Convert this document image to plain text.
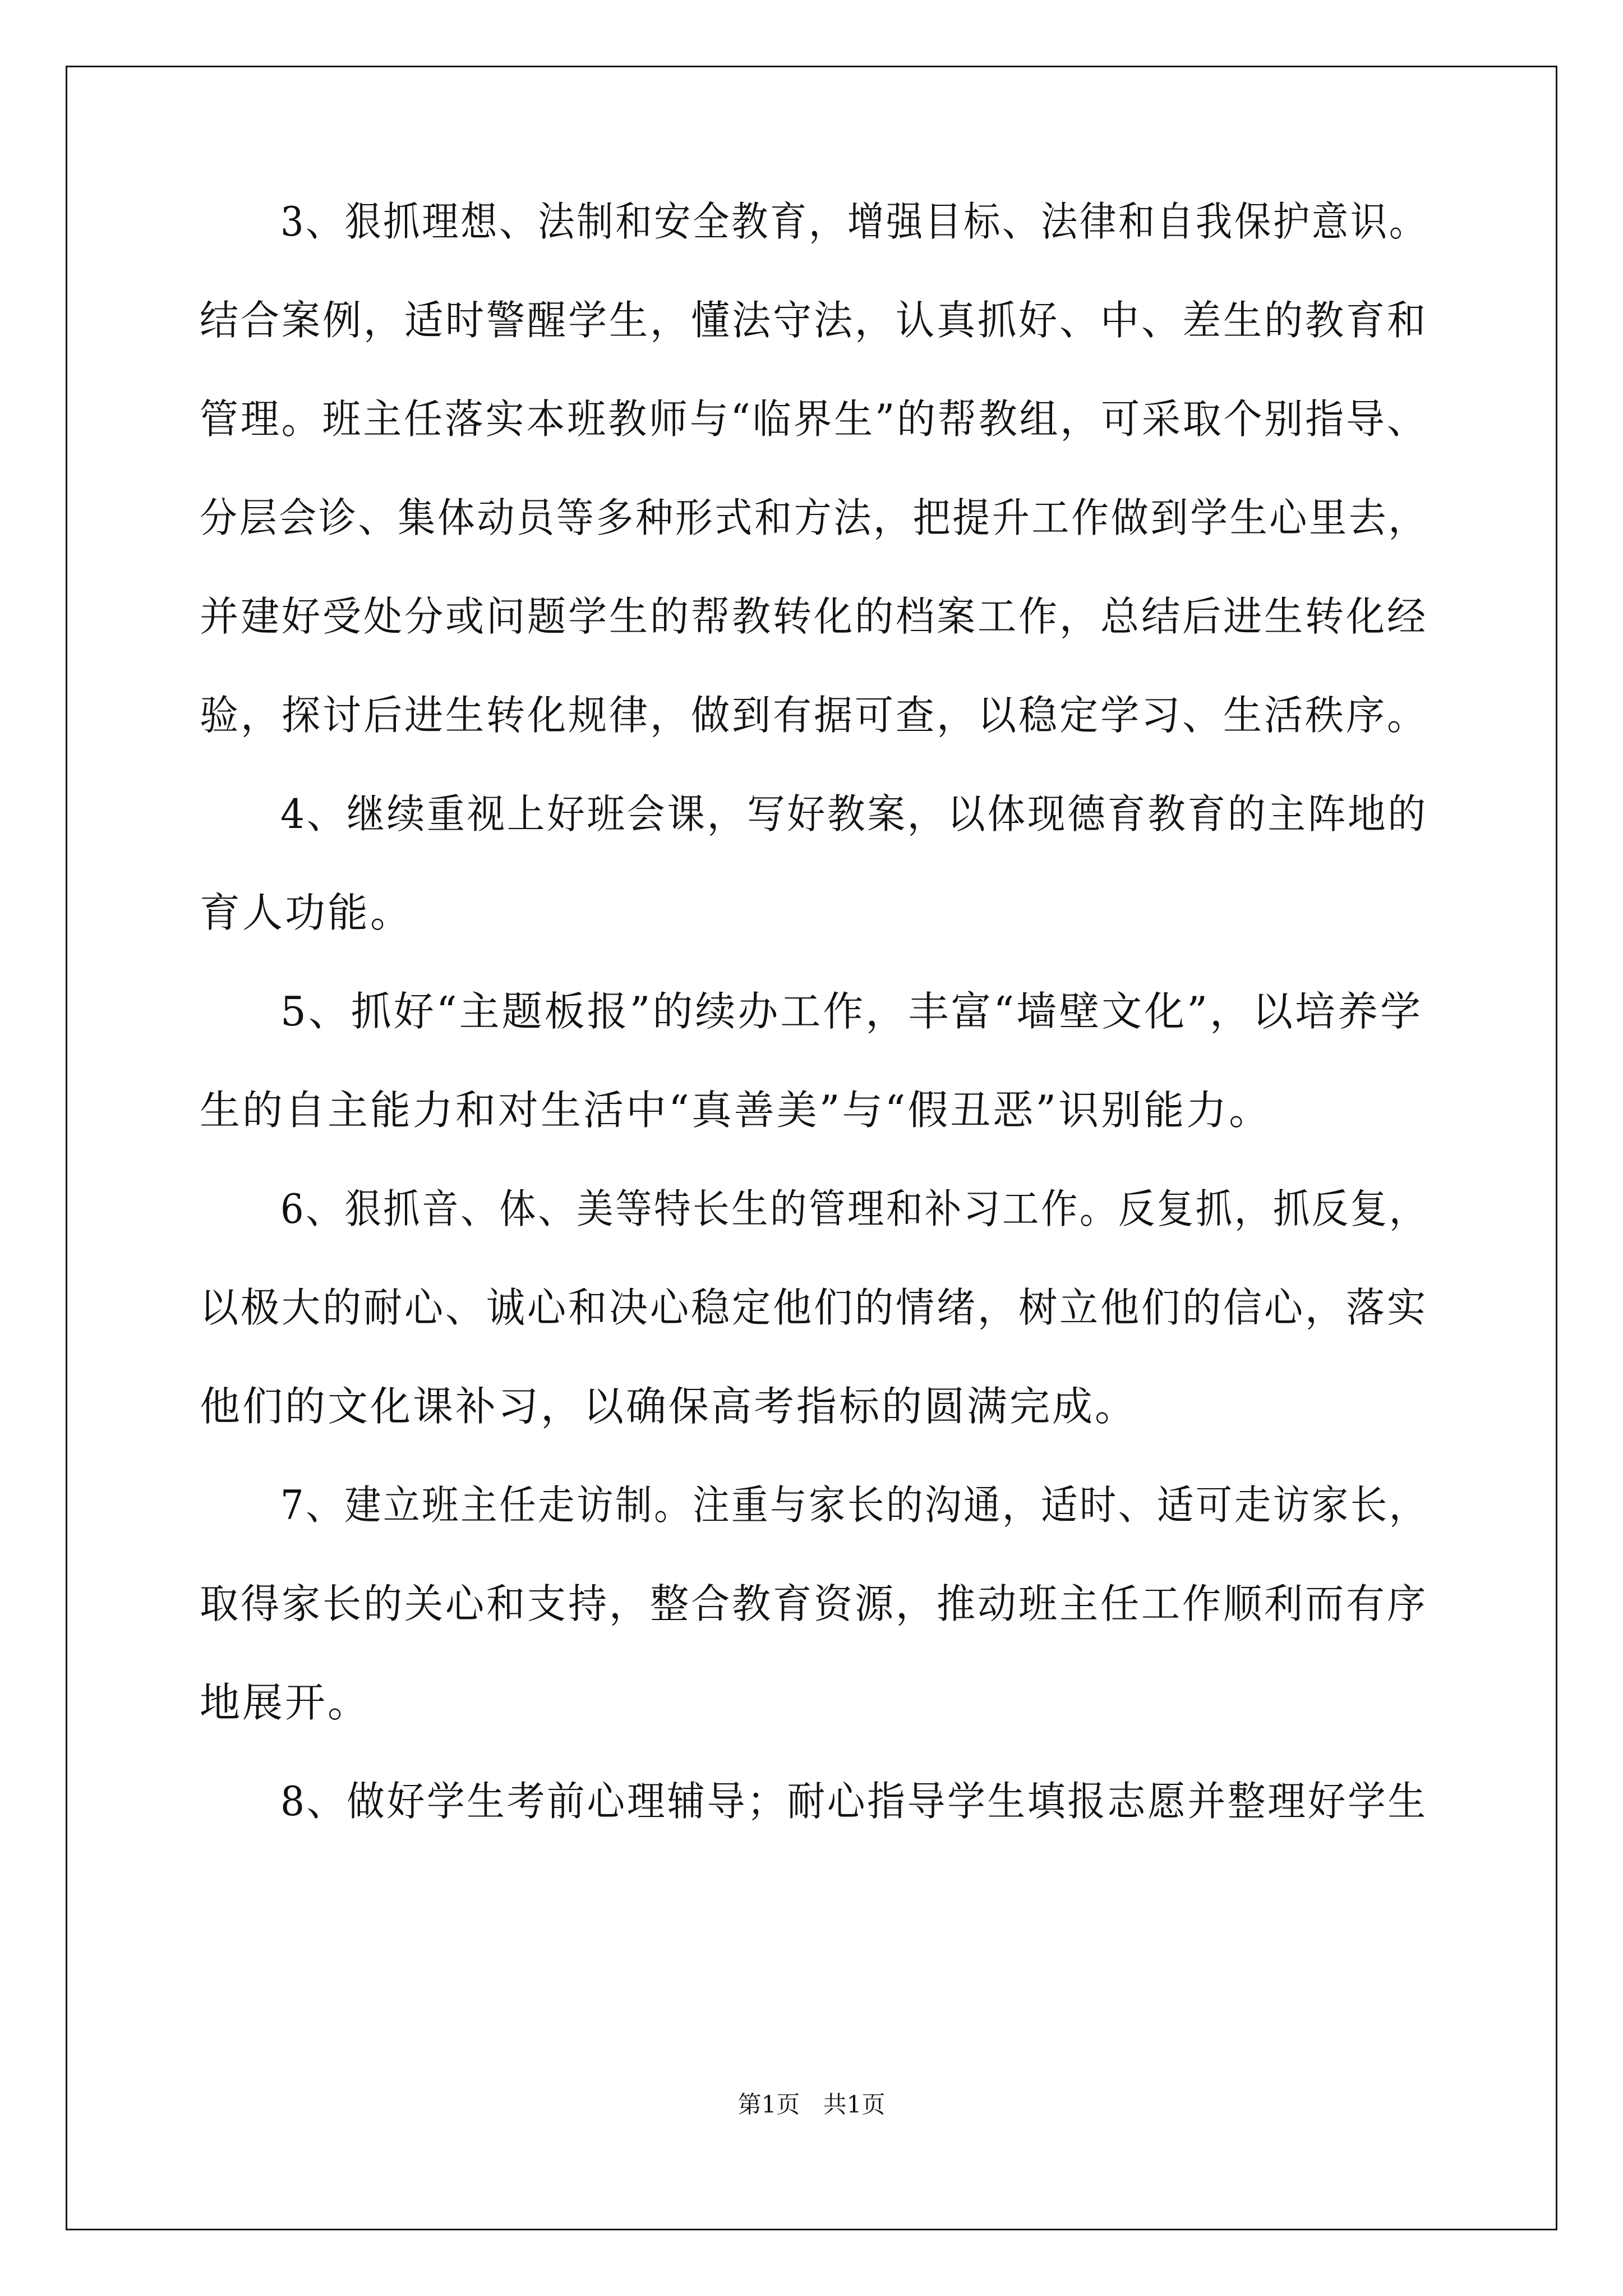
3、狠抓理想、法制和安全教育，增强目标、法律和自我保护意识。
结合案例，适时警醒学生，懂法守法，认真抓好、中、差生的教育和
管理。班主任落实本班教师与“临界生”的帮教组，可采取个别指导、
分层会诊、集体动员等多种形式和方法，把提升工作做到学生心里去，
并建好受处分或问题学生的帮教转化的档案工作，总结后进生转化经
验，探讨后进生转化规律，做到有据可查，以稳定学习、生活秩序。
4、继续重视上好班会课，写好教案，以体现德育教育的主阵地的
育人功能。
5、抓好“主题板报”的续办工作，丰富“墙壁文化”，以培养学
生的自主能力和对生活中“真善美”与“假丑恶”识别能力。
6、狠抓音、体、美等特长生的管理和补习工作。反复抓，抓反复，
以极大的耐心、诚心和决心稳定他们的情绪，树立他们的信心，落实
他们的文化课补习，以确保高考指标的圆满完成。
7、建立班主任走访制。注重与家长的沟通，适时、适可走访家长，
取得家长的关心和支持，整合教育资源，推动班主任工作顺利而有序
地展开。
8、做好学生考前心理辅导；耐心指导学生填报志愿并整理好学生
第1页 共1页
